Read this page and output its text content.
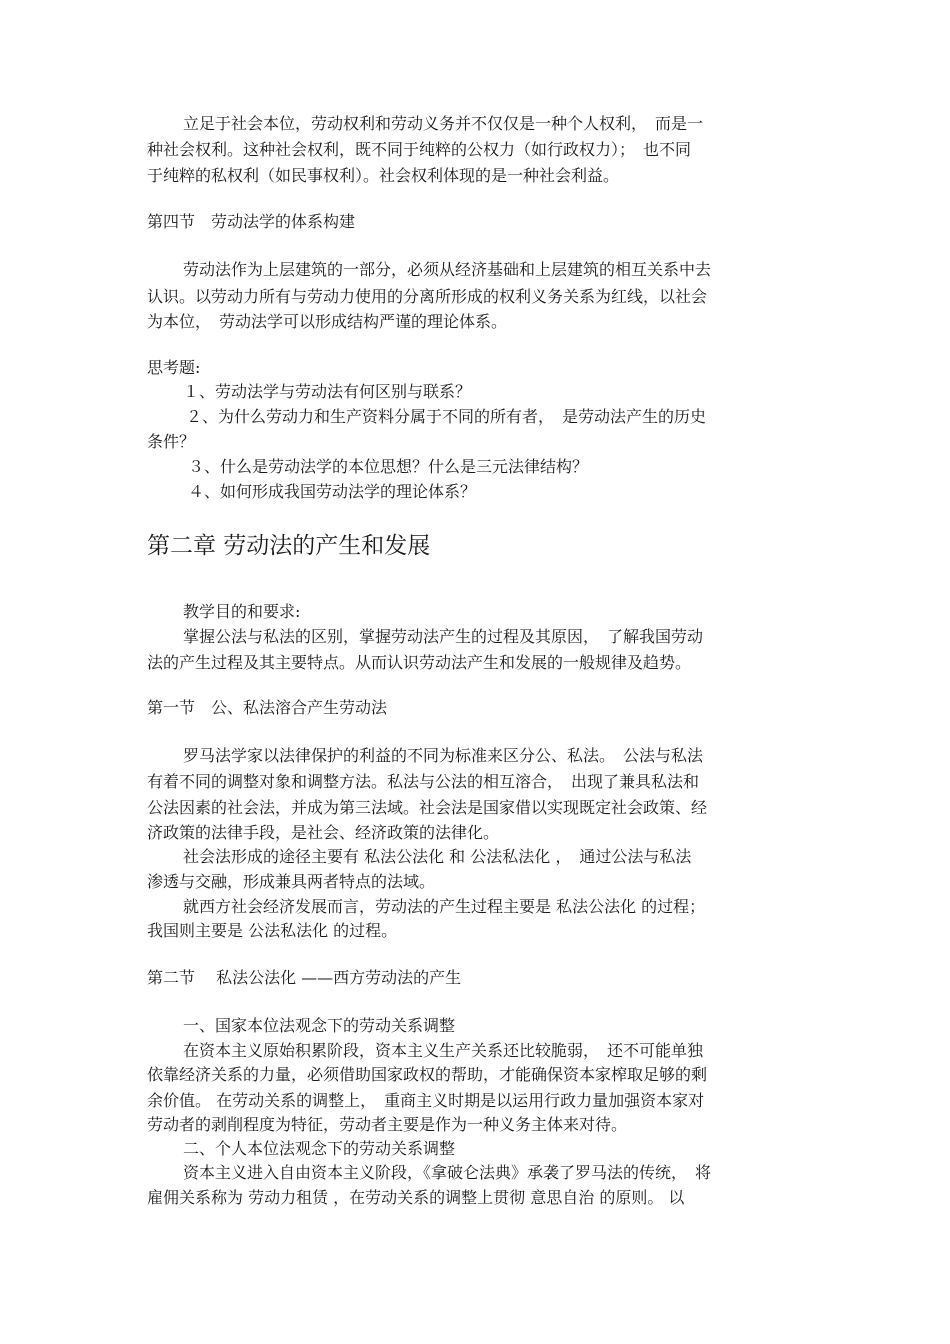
立足于社会本位，劳动权利和劳动义务并不仅仅是一种个人权利，　而是一

种社会权利。这种社会权利，既不同于纯粹的公权力（如行政权力）；　也不同

于纯粹的私权利（如民事权利）。社会权利体现的是一种社会利益。

第四节　劳动法学的体系构建

劳动法作为上层建筑的一部分，必须从经济基础和上层建筑的相互关系中去

认识。以劳动力所有与劳动力使用的分离所形成的权利义务关系为红线，以社会

为本位，　劳动法学可以形成结构严谨的理论体系。

思考题:

１、劳动法学与劳动法有何区别与联系？

２、为什么劳动力和生产资料分属于不同的所有者，　是劳动法产生的历史

条件？

３、什么是劳动法学的本位思想？什么是三元法律结构？

４、如何形成我国劳动法学的理论体系？

第二章 劳动法的产生和发展

教学目的和要求:

掌握公法与私法的区别，掌握劳动法产生的过程及其原因，　了解我国劳动

法的产生过程及其主要特点。从而认识劳动法产生和发展的一般规律及趋势。

第一节　公、私法溶合产生劳动法

罗马法学家以法律保护的利益的不同为标准来区分公、私法。　公法与私法

有着不同的调整对象和调整方法。私法与公法的相互溶合，　出现了兼具私法和

公法因素的社会法，并成为第三法域。社会法是国家借以实现既定社会政策、经

济政策的法律手段，是社会、经济政策的法律化。

社会法形成的途径主要有 私法公法化 和 公法私法化 ，　通过公法与私法

渗透与交融，形成兼具两者特点的法域。

就西方社会经济发展而言，劳动法的产生过程主要是 私法公法化 的过程；

我国则主要是 公法私法化 的过程。

第二节　 私法公法化 ——西方劳动法的产生

一、国家本位法观念下的劳动关系调整

在资本主义原始积累阶段，资本主义生产关系还比较脆弱，　还不可能单独

依靠经济关系的力量，必须借助国家政权的帮助，才能确保资本家榨取足够的剩

余价值。 在劳动关系的调整上，　重商主义时期是以运用行政力量加强资本家对

劳动者的剥削程度为特征，劳动者主要是作为一种义务主体来对待。

二、个人本位法观念下的劳动关系调整

资本主义进入自由资本主义阶段，《拿破仑法典》承袭了罗马法的传统，　将

雇佣关系称为 劳动力租赁 ，在劳动关系的调整上贯彻 意思自治 的原则。 以
